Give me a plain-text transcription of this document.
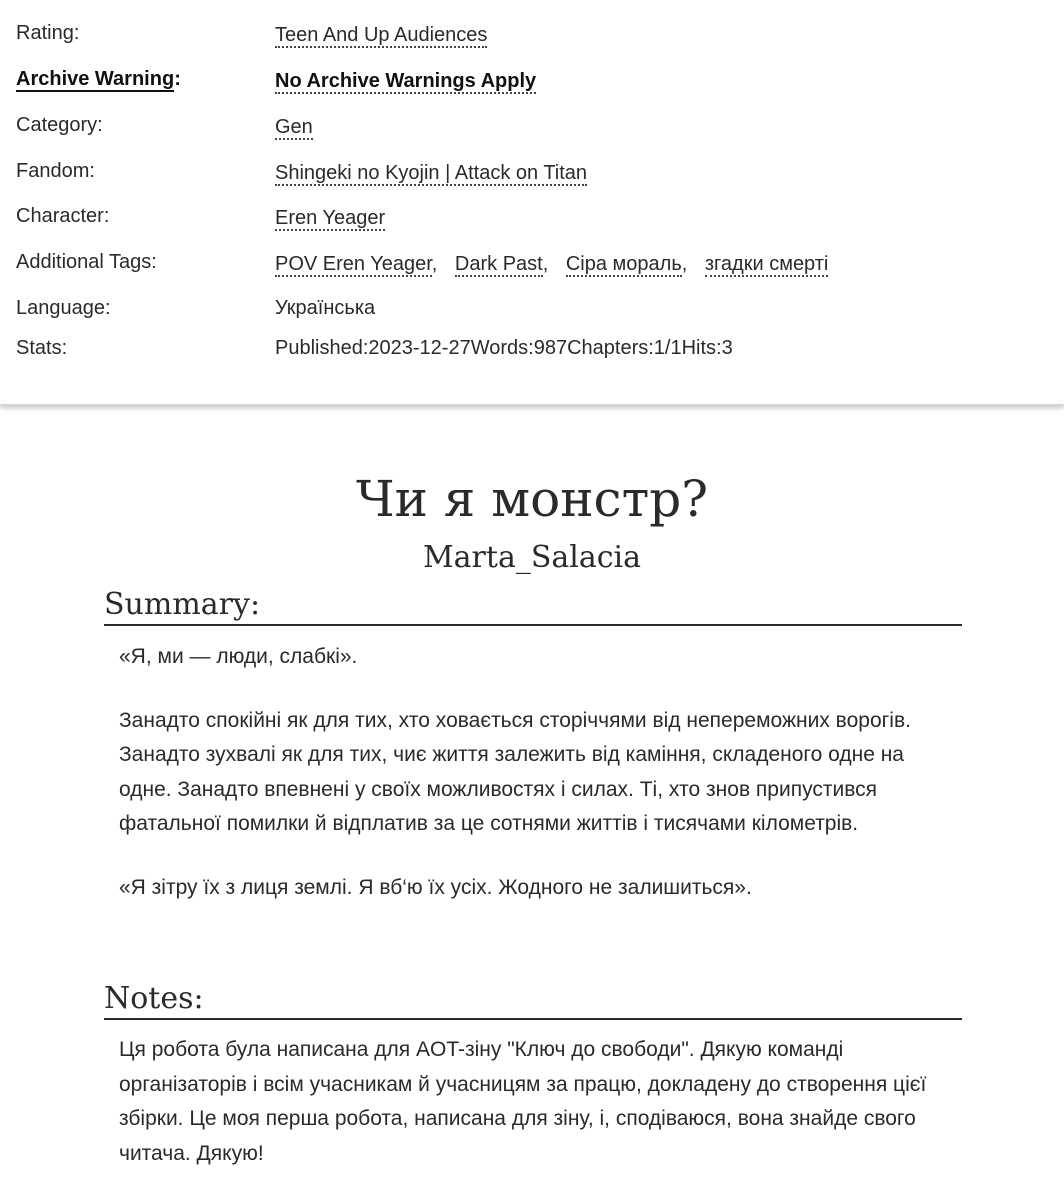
Rating:	Teen And Up Audiences
Archive Warning:	No Archive Warnings Apply
Category:	Gen
Fandom:	Shingeki no Kyojin | Attack on Titan
Character:	Eren Yeager
Additional Tags:	POV Eren Yeager, Dark Past, Сіра мораль, згадки смерті
Language:	Українська
Stats:	Published:2023-12-27Words:987Chapters:1/1Hits:3
Чи я монстр?
Marta_Salacia
Summary:

«Я, ми — люди, слабкі».

Занадто спокійні як для тих, хто ховається сторіччями від непереможних ворогів. Занадто зухвалі як для тих, чиє життя залежить від каміння, складеного одне на одне. Занадто впевнені у своїх можливостях і силах. Ті, хто знов припустився фатальної помилки й відплатив за це сотнями життів і тисячами кілометрів.

«Я зітру їх з лиця землі. Я вб‘ю їх усіх. Жодного не залишиться».

Notes:

Ця робота була написана для AOT-зіну "Ключ до свободи". Дякую команді організаторів і всім учасникам й учасницям за працю, докладену до створення цієї збірки. Це моя перша робота, написана для зіну, і, сподіваюся, вона знайде свого читача. Дякую!
